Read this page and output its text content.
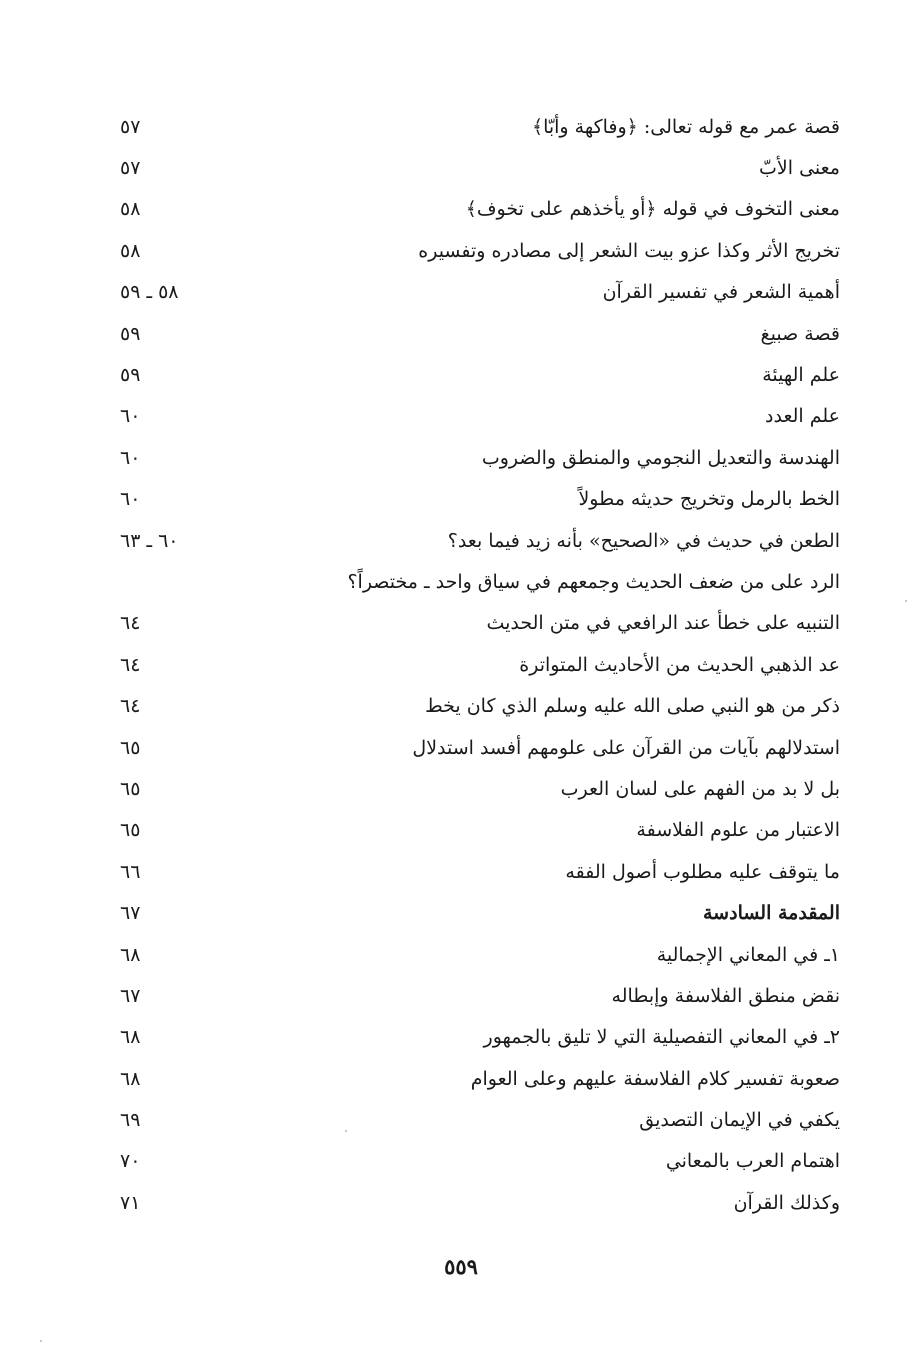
قصة عمر مع قوله تعالى: ﴿وفاكهة وأبّا﴾
٥٧
معنى الأبّ
٥٧
معنى التخوف في قوله ﴿أو يأخذهم على تخوف﴾
٥٨
تخريج الأثر وكذا عزو بيت الشعر إلى مصادره وتفسيره
٥٨
أهمية الشعر في تفسير القرآن
٥٨ ـ ٥٩
قصة صبيغ
٥٩
علم الهيئة
٥٩
علم العدد
٦٠
الهندسة والتعديل النجومي والمنطق والضروب
٦٠
الخط بالرمل وتخريج حديثه مطولاً
٦٠
الطعن في حديث في «الصحيح» بأنه زيد فيما بعد؟
٦٠ ـ ٦٣
الرد على من ضعف الحديث وجمعهم في سياق واحد ـ مختصراً؟
التنبيه على خطأ عند الرافعي في متن الحديث
٦٤
عد الذهبي الحديث من الأحاديث المتواترة
٦٤
ذكر من هو النبي صلى الله عليه وسلم الذي كان يخط
٦٤
استدلالهم بآيات من القرآن على علومهم أفسد استدلال
٦٥
بل لا بد من الفهم على لسان العرب
٦٥
الاعتبار من علوم الفلاسفة
٦٥
ما يتوقف عليه مطلوب أصول الفقه
٦٦
المقدمة السادسة
٦٧
١ـ في المعاني الإجمالية
٦٨
نقض منطق الفلاسفة وإبطاله
٦٧
٢ـ في المعاني التفصيلية التي لا تليق بالجمهور
٦٨
صعوبة تفسير كلام الفلاسفة عليهم وعلى العوام
٦٨
يكفي في الإيمان التصديق
٦٩
اهتمام العرب بالمعاني
٧٠
وكذلك القرآن
٧١
٥٥٩
